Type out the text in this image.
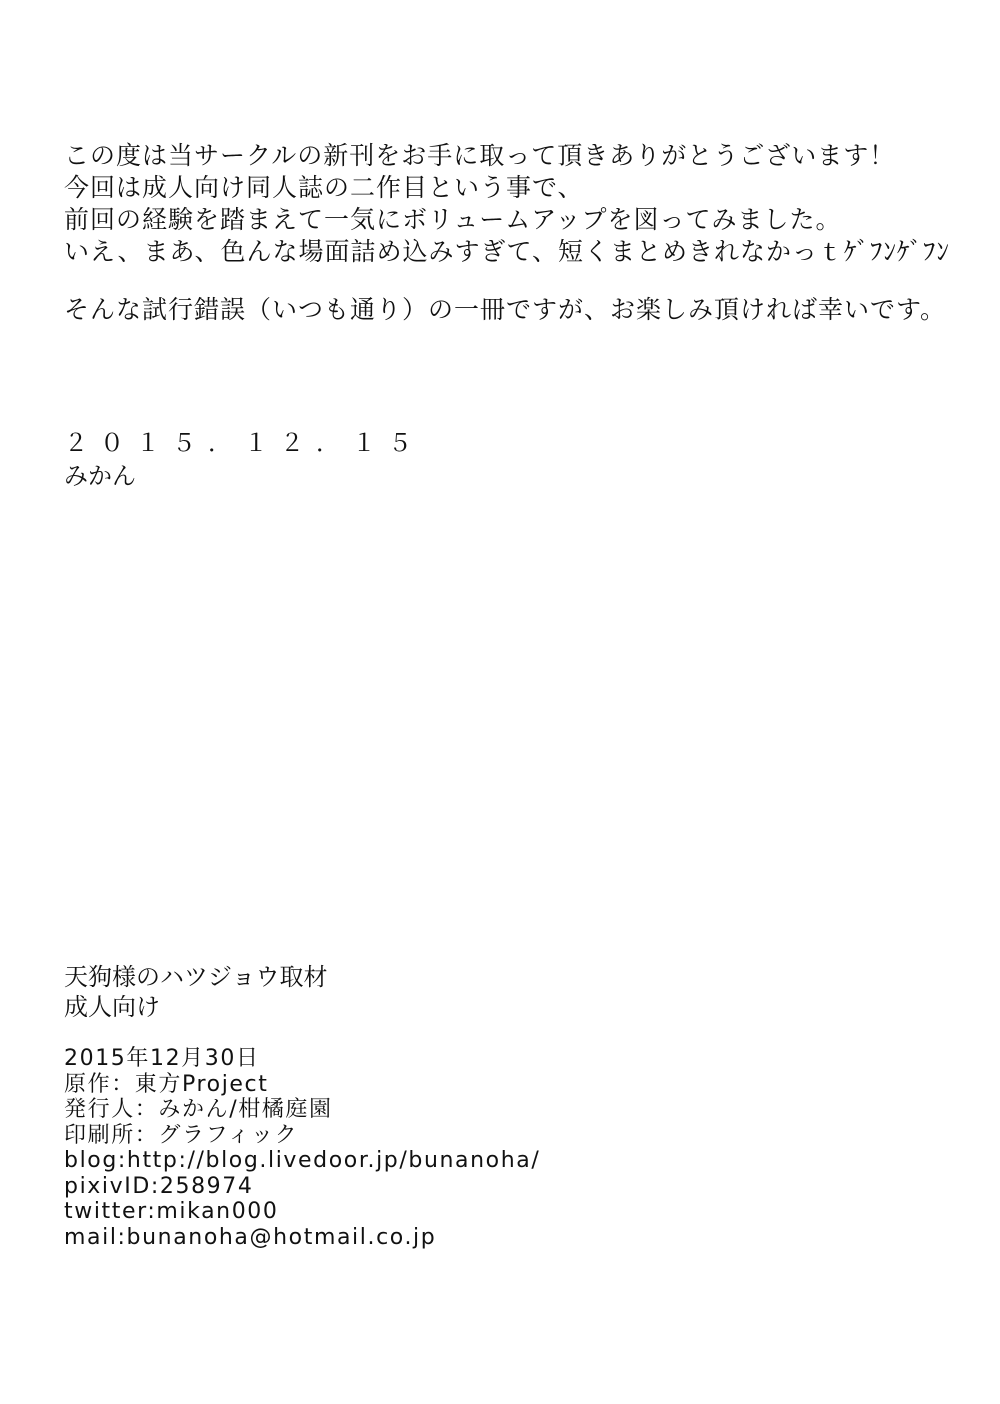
この度は当サークルの新刊をお手に取って頂きありがとうございます！
今回は成人向け同人誌の二作目という事で、
前回の経験を踏まえて一気にボリュームアップを図ってみました。
いえ、まあ、色んな場面詰め込みすぎて、短くまとめきれなかっｔｹﾞﾌﾝｹﾞﾌﾝ
そんな試行錯誤（いつも通り）の一冊ですが、お楽しみ頂ければ幸いです。
２０１５．１２．１５
みかん
天狗様のハツジョウ取材
成人向け
2015年12月30日
原作：東方Project
発行人：みかん/柑橘庭園
印刷所：グラフィック
blog:http://blog.livedoor.jp/bunanoha/
pixivID:258974
twitter:mikan000
mail:bunanoha@hotmail.co.jp
